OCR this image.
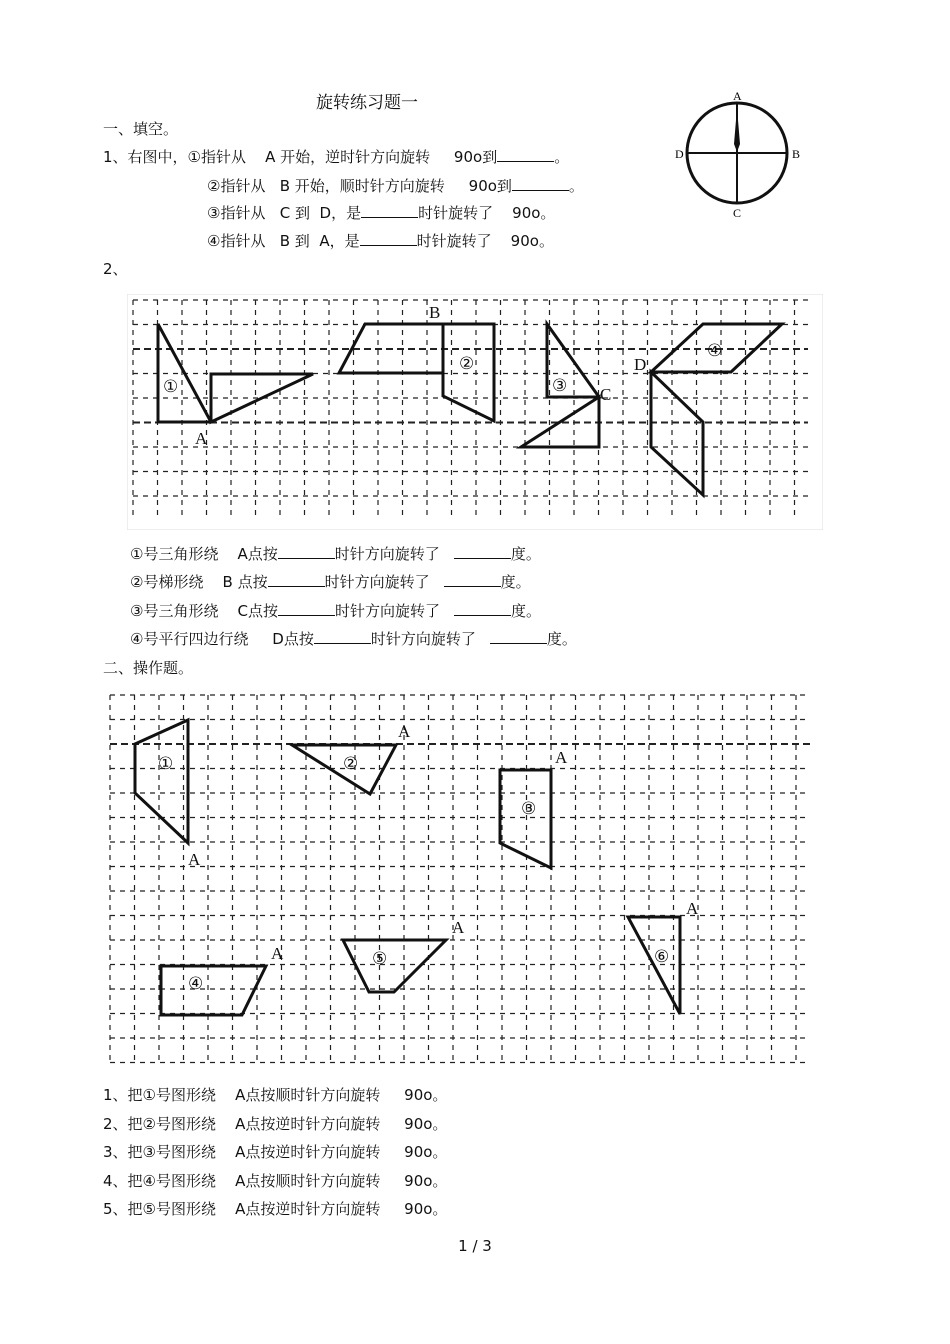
旋转练习题一
一、填空。
1、右图中，①指针从    A 开始，逆时针方向旋转     90o到	。
②指针从   B 开始，顺时针方向旋转     90o到	。
③指针从   C 到  D，是	时针旋转了    90o。
④指针从   B 到  A，是	时针旋转了    90o。
A
B
C
D
2、
①
②
③
④
A
B
C
D
①号三角形绕    A点按	时针方向旋转了	度。
②号梯形绕    B 点按	时针方向旋转了	度。
③号三角形绕    C点按	时针方向旋转了	度。
④号平行四边行绕     D点按	时针方向旋转了	度。
二、操作题。
①	②
③
④
⑤	⑥
A
A
A
A
A
A
1、把①号图形绕    A点按顺时针方向旋转     90o。
2、把②号图形绕    A点按逆时针方向旋转     90o。
3、把③号图形绕    A点按逆时针方向旋转     90o。
4、把④号图形绕    A点按顺时针方向旋转     90o。
5、把⑤号图形绕    A点按逆时针方向旋转     90o。
1 / 3
